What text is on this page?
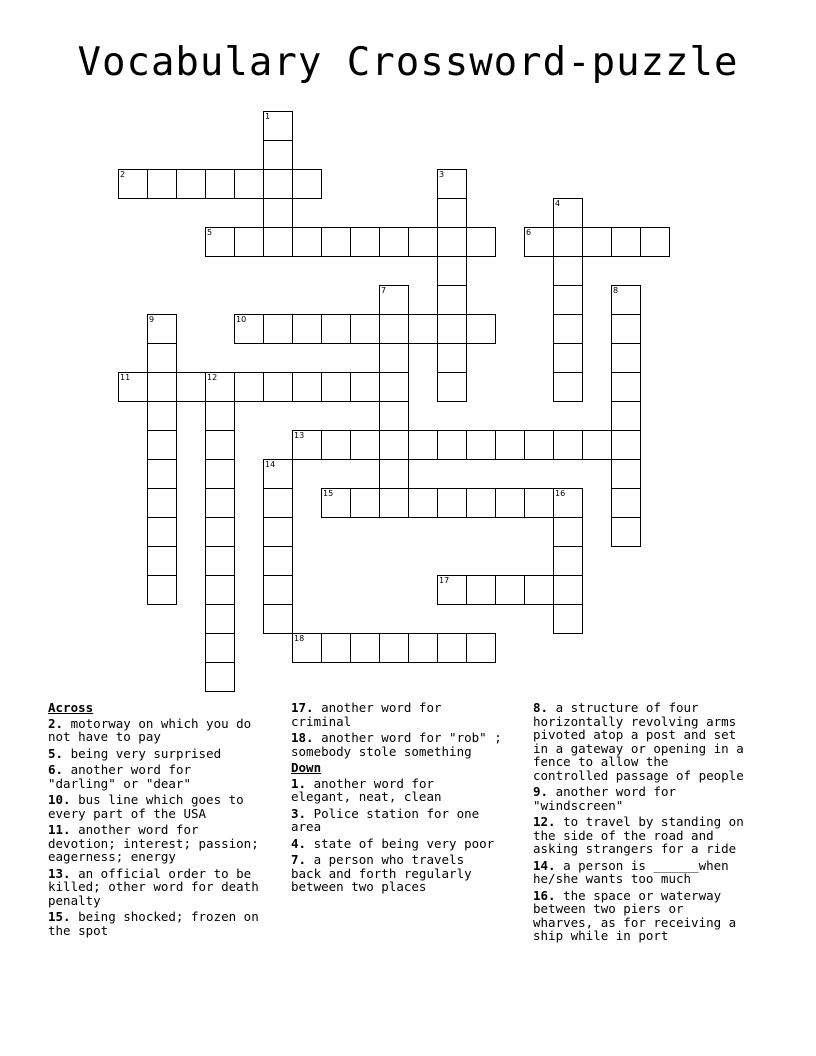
Vocabulary Crossword-puzzle
1
2	3
4
5	6
7	8
9	10
11	12
13
14
15	16
17
18
Across
2. motorway on which you do
not have to pay
5. being very surprised
6. another word for
"darling" or "dear"
10. bus line which goes to
every part of the USA
11. another word for
devotion; interest; passion;
eagerness; energy
13. an official order to be
killed; other word for death
penalty
15. being shocked; frozen on
the spot
17. another word for
criminal
18. another word for "rob" ;
somebody stole something
Down
1. another word for
elegant, neat, clean
3. Police station for one
area
4. state of being very poor
7. a person who travels
back and forth regularly
between two places
8. a structure of four
horizontally revolving arms
pivoted atop a post and set
in a gateway or opening in a
fence to allow the
controlled passage of people
9. another word for
"windscreen"
12. to travel by standing on
the side of the road and
asking strangers for a ride
14. a person is ______when
he/she wants too much
16. the space or waterway
between two piers or
wharves, as for receiving a
ship while in port
